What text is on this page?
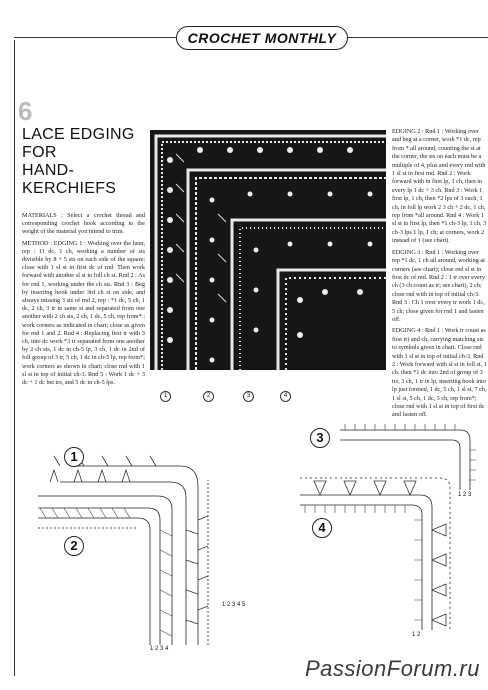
CROCHET MONTHLY
6
LACE EDGING
FOR
HAND-
KERCHIEFS

MATERIALS : Select a crochet thread and corresponding crochet hook according to the weight of the material you intend to trim.

METHOD : EDGING 1 : Working over the hem, rep : 11 dc, 1 ch, working a number of sts divisible by 8 + 5 sts on each side of the square; close with 1 sl st in first dc of rnd. Then work forward with another sl st in foll ch st. Rnd 2 : As for rnd 1, working under the ch sts. Rnd 3 : Beg by inserting hook under 3rd ch st on side, and always missing 3 sts of rnd 2, rep : *1 dc, 5 ch, 1 dc, 2 ch, 3 tr in same st and separated from one another with 2 ch sts, 2 ch, 1 dc, 5 ch, rep from* ; work corners as indicated in chart; close as given for rnd 1 and 2. Rnd 4 : Replacing first tr with 3 ch, into dc work *3 tr separated from one another by 2 ch sts, 1 dc in ch-5 lp, 3 ch, 1 dc in 2nd of foll group of 3 tr, 5 ch, 1 dc in ch-5 lp, rep from*; work corners as shown in chart; close rnd with 1 sl st in top of initial ch-3. Rnd 5 : Work 1 dc + 3 dc + 1 dc bet trs, and 5 dc in ch-5 lps.

1	2	3	4

EDGING 2 : Rnd 1 : Working over and beg at a corner, work *1 dc, rep from * all around, counting the st at the corner, the sts on each must be a multiple of 4, plus and every rnd with 1 sl st in first rnd. Rnd 2 : Work forward with in first lp, 1 ch, then in every lp 1 dc + 3 ch. Rnd 3 : Work 1 first lp, 1 ch, then *2 lps of 3 each, 1 ch, in foll lp work 2 3 ch + 2 dc, 1 ch, rep from *all around. Rnd 4 : Work 1 sl st in first lp, then *1 ch-3 lp, 1 ch, 3 ch-3 lps 1 lp, 1 ch; at corners, work 2 instead of 1 (see chart).

EDGING 3 : Rnd 1 : Working over rep *1 dc, 1 ch all around, working at corners (see chart); close rnd sl st in first dc of rnd. Rnd 2 : 1 tr over every ch (3 ch count as tr; see chart), 2 ch; close rnd with in top of initial ch-3. Rnd 3 : Ch 1 over every tr work 1 dc, 5 ch; close given for rnd 1 and fasten off.

EDGING 4 : Rnd 1 : Work tr count as first tr) and ch, carrying matching sts to symbols given in chart. Close rnd with 1 sl st in top of initial ch-3. Rnd 2 : Work forward with sl st in foll st, 1 ch, then *1 dc into 2nd of group of 3 trs, 3 ch, 1 tr in lp, inserting hook into lp just formed, 1 dc, 5 ch, 1 sl st, 7 ch, 1 sl st, 5 ch, 1 dc, 3 ch, rep from*; close rnd with 1 sl st in top of first dc and fasten off.

1
2
3
4
1 2 3 4
1 2 3 4 5
1 2 3
1 2
PassionForum.ru
